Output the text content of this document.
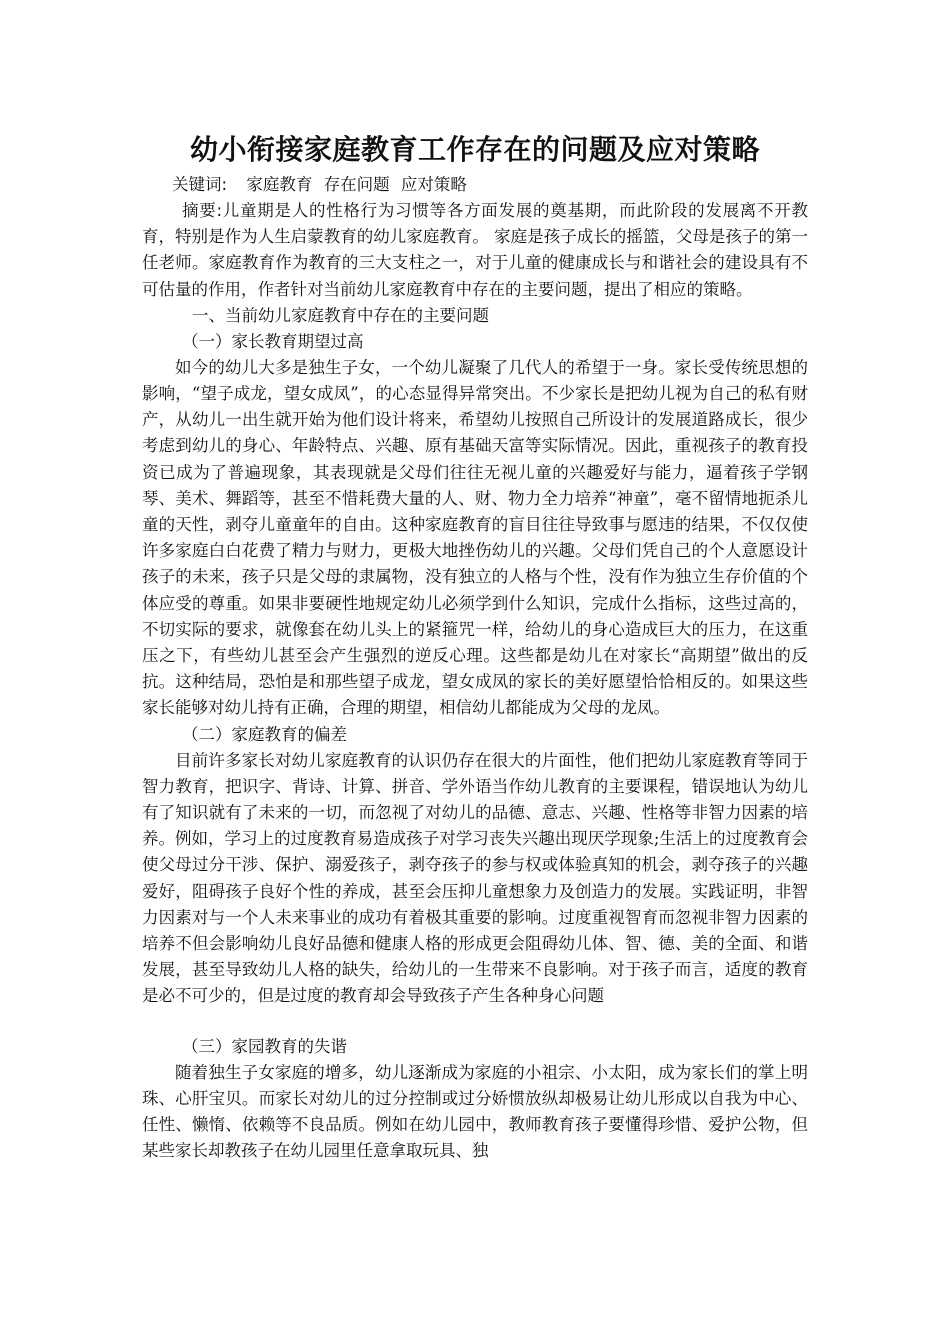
幼小衔接家庭教育工作存在的问题及应对策略

关键词: 家庭教育 存在问题 应对策略

摘要:儿童期是人的性格行为习惯等各方面发展的奠基期，而此阶段的发展离不开教育，特别是作为人生启蒙教育的幼儿家庭教育。 家庭是孩子成长的摇篮，父母是孩子的第一任老师。家庭教育作为教育的三大支柱之一，对于儿童的健康成长与和谐社会的建设具有不可估量的作用，作者针对当前幼儿家庭教育中存在的主要问题，提出了相应的策略。

一、当前幼儿家庭教育中存在的主要问题

（一）家长教育期望过高

如今的幼儿大多是独生子女，一个幼儿凝聚了几代人的希望于一身。家长受传统思想的影响，“望子成龙，望女成凤”，的心态显得异常突出。不少家长是把幼儿视为自己的私有财产，从幼儿一出生就开始为他们设计将来，希望幼儿按照自己所设计的发展道路成长，很少考虑到幼儿的身心、年龄特点、兴趣、原有基础天富等实际情况。因此，重视孩子的教育投资已成为了普遍现象，其表现就是父母们往往无视儿童的兴趣爱好与能力，逼着孩子学钢琴、美术、舞蹈等，甚至不惜耗费大量的人、财、物力全力培养“神童”，毫不留情地扼杀儿童的天性，剥夺儿童童年的自由。这种家庭教育的盲目往往导致事与愿违的结果，不仅仅使许多家庭白白花费了精力与财力，更极大地挫伤幼儿的兴趣。父母们凭自己的个人意愿设计孩子的未来，孩子只是父母的隶属物，没有独立的人格与个性，没有作为独立生存价值的个体应受的尊重。如果非要硬性地规定幼儿必须学到什么知识，完成什么指标，这些过高的，不切实际的要求，就像套在幼儿头上的紧箍咒一样，给幼儿的身心造成巨大的压力，在这重压之下，有些幼儿甚至会产生强烈的逆反心理。这些都是幼儿在对家长“高期望”做出的反抗。这种结局，恐怕是和那些望子成龙，望女成凤的家长的美好愿望恰恰相反的。如果这些家长能够对幼儿持有正确，合理的期望，相信幼儿都能成为父母的龙凤。

（二）家庭教育的偏差

目前许多家长对幼儿家庭教育的认识仍存在很大的片面性，他们把幼儿家庭教育等同于智力教育，把识字、背诗、计算、拼音、学外语当作幼儿教育的主要课程，错误地认为幼儿有了知识就有了未来的一切，而忽视了对幼儿的品德、意志、兴趣、性格等非智力因素的培养。例如，学习上的过度教育易造成孩子对学习丧失兴趣出现厌学现象;生活上的过度教育会使父母过分干涉、保护、溺爱孩子，剥夺孩子的参与权或体验真知的机会，剥夺孩子的兴趣爱好，阻碍孩子良好个性的养成，甚至会压抑儿童想象力及创造力的发展。实践证明，非智力因素对与一个人未来事业的成功有着极其重要的影响。过度重视智育而忽视非智力因素的培养不但会影响幼儿良好品德和健康人格的形成更会阻碍幼儿体、智、德、美的全面、和谐发展，甚至导致幼儿人格的缺失，给幼儿的一生带来不良影响。对于孩子而言，适度的教育是必不可少的，但是过度的教育却会导致孩子产生各种身心问题

（三）家园教育的失谐

随着独生子女家庭的增多，幼儿逐渐成为家庭的小祖宗、小太阳，成为家长们的掌上明珠、心肝宝贝。而家长对幼儿的过分控制或过分娇惯放纵却极易让幼儿形成以自我为中心、任性、懒惰、依赖等不良品质。例如在幼儿园中，教师教育孩子要懂得珍惜、爱护公物，但某些家长却教孩子在幼儿园里任意拿取玩具、独
